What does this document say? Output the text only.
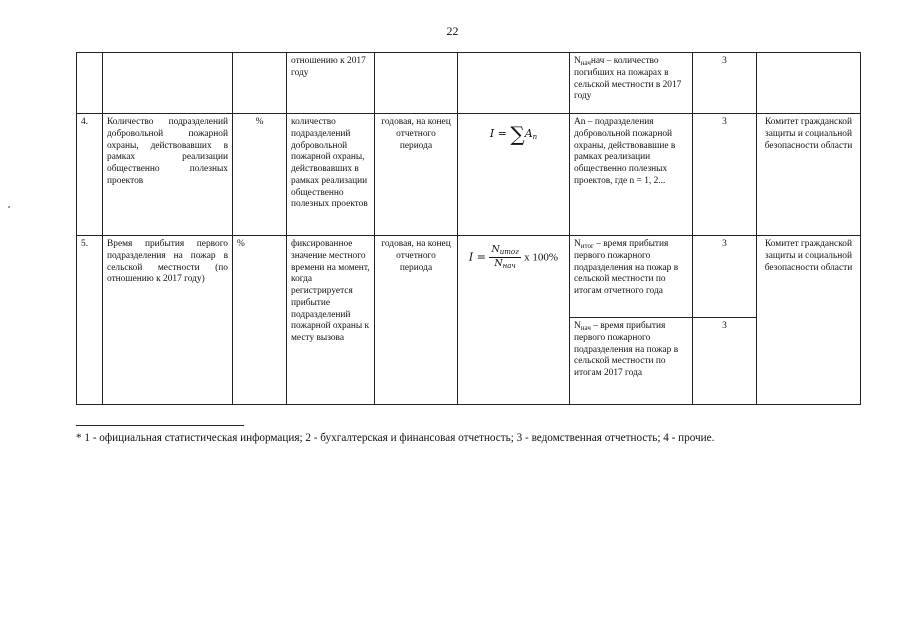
22
			отношению к 2017 году			$N_{нач}нач$ – количество погибших на пожарах в сельской местности в 2017 году	3	
4.	Количество подразделений добровольной пожарной охраны, действовавших в рамках реализации общественно полезных проектов	%	количество подразделений добровольной пожарной охраны, действовавших в рамках реализации общественно полезных проектов	годовая, на конец отчетного периода	$I = \sum A_n$	An – подразделения добровольной пожарной охраны, действовавшие в рамках реализации общественно полезных проектов, где n = 1, 2...	3	Комитет гражданской защиты и социальной безопасности области
5.	Время прибытия первого подразделения на пожар в сельской местности (по отношению к 2017 году)	%	фиксированное значение местного времени на момент, когда регистрируется прибытие подразделений пожарной охраны к месту вызова	годовая, на конец отчетного периода	$I = \frac{N_{итог}}{N_{нач}}$ x 100%	$N_{итог}$ – время прибытия первого пожарного подразделения на пожар в сельской местности по итогам отчетного года	3	Комитет гражданской защиты и социальной безопасности области
						$N_{нач}$ – время прибытия первого пожарного подразделения на пожар в сельской местности по итогам 2017 года	3	
* 1 - официальная статистическая информация; 2 - бухгалтерская и финансовая отчетность; 3 - ведомственная отчетность; 4 - прочие.
